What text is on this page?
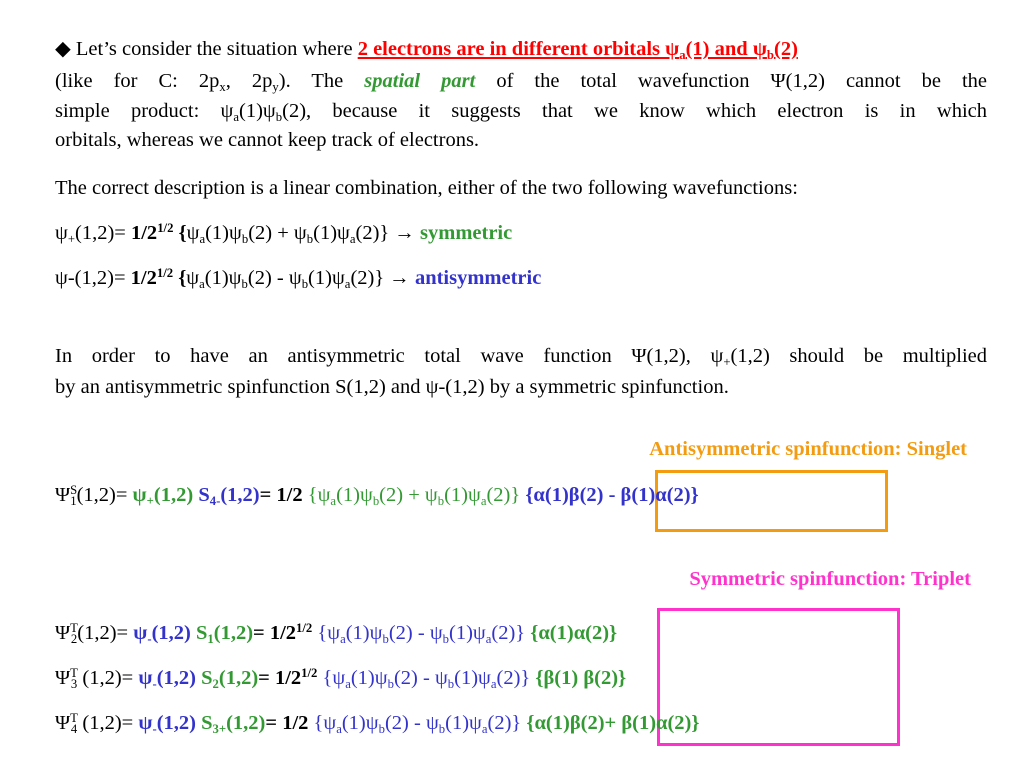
◆ Let’s consider the situation where 2 electrons are in different orbitals $\psi_a(1)$ and $\psi_b(2)$
(like for C: $2p_x$, $2p_y$). The spatial part of the total wavefunction Ψ(1,2) cannot be the
simple product: $\psi_a(1)\psi_b(2)$, because it suggests that we know which electron is in which
orbitals, whereas we cannot keep track of electrons.
The correct description is a linear combination, either of the two following wavefunctions:
$\psi_+(1,2)= 1/2^{1/2}$ $\{\psi_a(1)\psi_b(2) + \psi_b(1)\psi_a(2)\}$ → symmetric
$\psi-(1,2)= 1/2^{1/2}$ $\{\psi_a(1)\psi_b(2) - \psi_b(1)\psi_a(2)\}$ → antisymmetric
In order to have an antisymmetric total wave function Ψ(1,2), $\psi_+(1,2)$ should be multiplied
by an antisymmetric spinfunction S(1,2) and ψ-(1,2) by a symmetric spinfunction.
Antisymmetric spinfunction: Singlet
$\Psi^S_1(1,2)= \psi_+(1,2)$ $S_{4-}(1,2)= 1/2$ $\{\psi_a(1)\psi_b(2) + \psi_b(1)\psi_a(2)\}$ {α(1)β(2) - β(1)α(2)}
Symmetric spinfunction: Triplet
$\Psi^T_2(1,2)= \psi_-(1,2)$ $S_1(1,2)= 1/2^{1/2}$ $\{\psi_a(1)\psi_b(2) - \psi_b(1)\psi_a(2)\}$ {α(1)α(2)}
$\Psi^T_3$ $(1,2)= \psi_-(1,2)$ $S_2(1,2)= 1/2^{1/2}$ $\{\psi_a(1)\psi_b(2) - \psi_b(1)\psi_a(2)\}$ {β(1) β(2)}
$\Psi^T_4$ $(1,2)= \psi_-(1,2)$ $S_{3+}(1,2)= 1/2$ $\{\psi_a(1)\psi_b(2) - \psi_b(1)\psi_a(2)\}$ {α(1)β(2)+ β(1)α(2)}
